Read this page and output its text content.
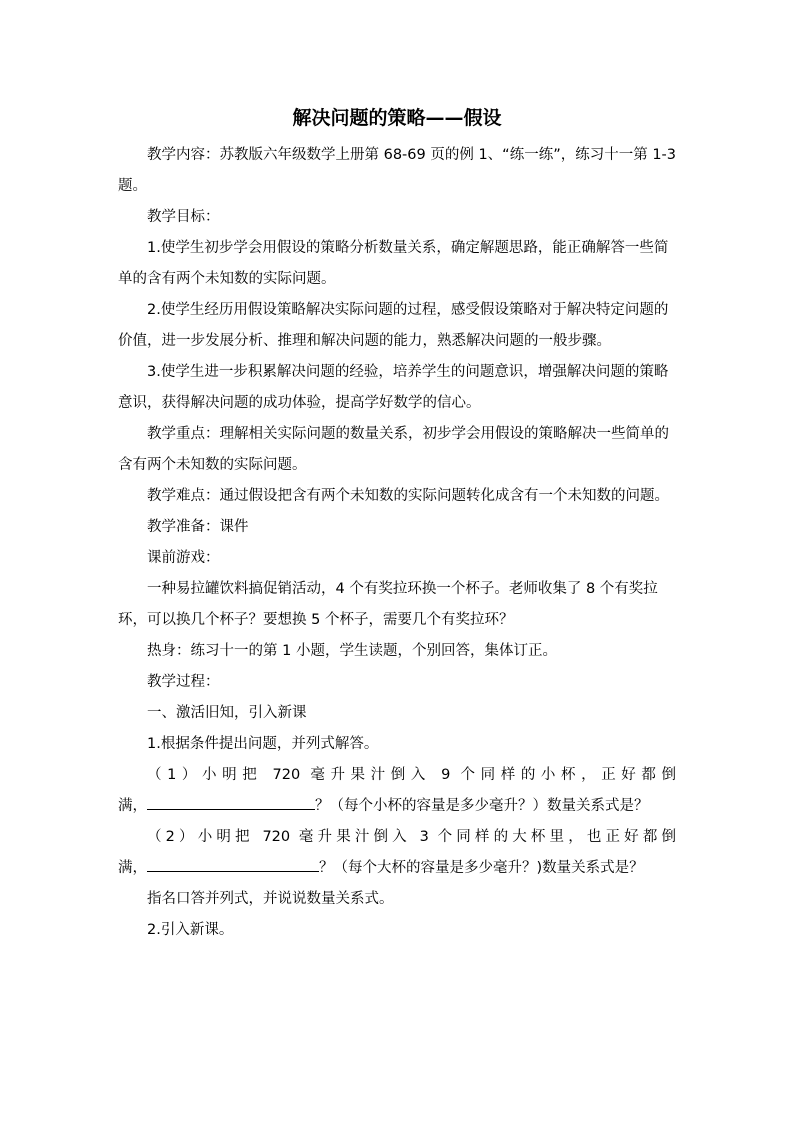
解决问题的策略——假设

教学内容：苏教版六年级数学上册第 68-69 页的例 1、“练一练”，练习十一第 1-3 题。

教学目标：

1.使学生初步学会用假设的策略分析数量关系，确定解题思路，能正确解答一些简单的含有两个未知数的实际问题。

2.使学生经历用假设策略解决实际问题的过程，感受假设策略对于解决特定问题的价值，进一步发展分析、推理和解决问题的能力，熟悉解决问题的一般步骤。

3.使学生进一步积累解决问题的经验，培养学生的问题意识，增强解决问题的策略意识，获得解决问题的成功体验，提高学好数学的信心。

教学重点：理解相关实际问题的数量关系，初步学会用假设的策略解决一些简单的含有两个未知数的实际问题。

教学难点：通过假设把含有两个未知数的实际问题转化成含有一个未知数的问题。

教学准备：课件

课前游戏：

一种易拉罐饮料搞促销活动，4 个有奖拉环换一个杯子。老师收集了 8 个有奖拉环，可以换几个杯子？要想换 5 个杯子，需要几个有奖拉环？

热身：练习十一的第 1 小题，学生读题，个别回答，集体订正。

教学过程：

一、激活旧知，引入新课

1.根据条件提出问题，并列式解答。

（1）小明把 720 毫升果汁倒入 9 个同样的小杯，正好都倒

满，	？（每个小杯的容量是多少毫升？）数量关系式是？

（2）小明把 720 毫升果汁倒入 3 个同样的大杯里，也正好都倒

满，	？（每个大杯的容量是多少毫升？)数量关系式是？

指名口答并列式，并说说数量关系式。

2.引入新课。
